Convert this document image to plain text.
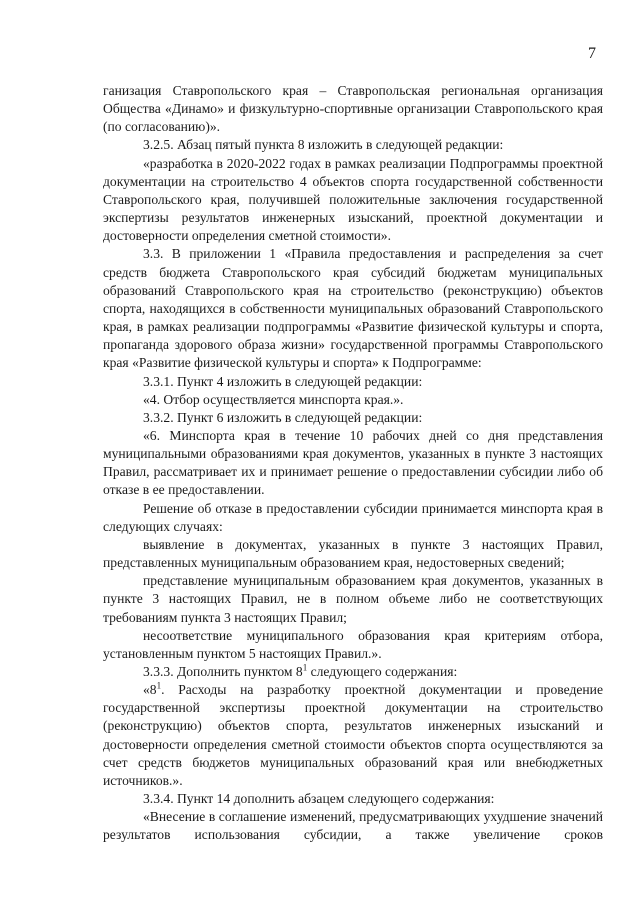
7

ганизация Ставропольского края – Ставропольская региональная организация Общества «Динамо» и физкультурно-спортивные организации Ставропольского края (по согласованию)».

3.2.5. Абзац пятый пункта 8 изложить в следующей редакции:

«разработка в 2020-2022 годах в рамках реализации Подпрограммы проектной документации на строительство 4 объектов спорта государственной собственности Ставропольского края, получившей положительные заключения государственной экспертизы результатов инженерных изысканий, проектной документации и достоверности определения сметной стоимости».

3.3. В приложении 1 «Правила предоставления и распределения за счет средств бюджета Ставропольского края субсидий бюджетам муниципальных образований Ставропольского края на строительство (реконструкцию) объектов спорта, находящихся в собственности муниципальных образований Ставропольского края, в рамках реализации подпрограммы «Развитие физической культуры и спорта, пропаганда здорового образа жизни» государственной программы Ставропольского края «Развитие физической культуры и спорта» к Подпрограмме:

3.3.1. Пункт 4 изложить в следующей редакции:

«4. Отбор осуществляется минспорта края.».

3.3.2. Пункт 6 изложить в следующей редакции:

«6. Минспорта края в течение 10 рабочих дней со дня представления муниципальными образованиями края документов, указанных в пункте 3 настоящих Правил, рассматривает их и принимает решение о предоставлении субсидии либо об отказе в ее предоставлении.

Решение об отказе в предоставлении субсидии принимается минспорта края в следующих случаях:

выявление в документах, указанных в пункте 3 настоящих Правил, представленных муниципальным образованием края, недостоверных сведений;

представление муниципальным образованием края документов, указанных в пункте 3 настоящих Правил, не в полном объеме либо не соответствующих требованиям пункта 3 настоящих Правил;

несоответствие муниципального образования края критериям отбора, установленным пунктом 5 настоящих Правил.».

3.3.3. Дополнить пунктом $8^1$ следующего содержания:

«$8^1$. Расходы на разработку проектной документации и проведение государственной экспертизы проектной документации на строительство (реконструкцию) объектов спорта, результатов инженерных изысканий и достоверности определения сметной стоимости объектов спорта осуществляются за счет средств бюджетов муниципальных образований края или внебюджетных источников.».

3.3.4. Пункт 14 дополнить абзацем следующего содержания:

«Внесение в соглашение изменений, предусматривающих ухудшение значений результатов использования субсидии, а также увеличение сроков
